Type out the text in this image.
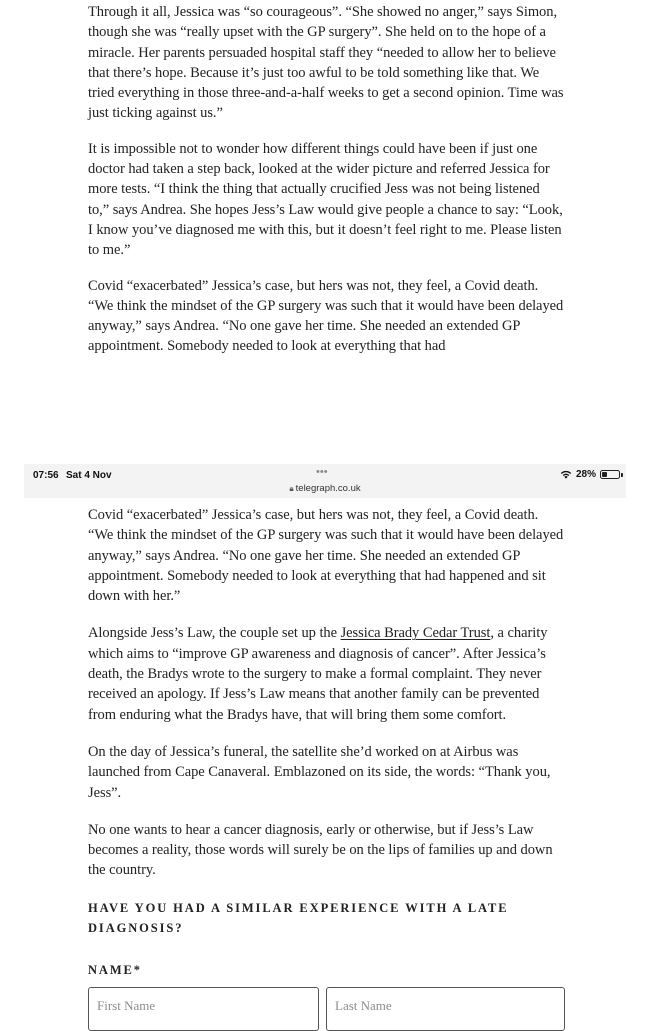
Through it all, Jessica was “so courageous”. “She showed no anger,” says Simon, though she was “really upset with the GP surgery”. She held on to the hope of a miracle. Her parents persuaded hospital staff they “needed to allow her to believe that there’s hope. Because it’s just too awful to be told something like that. We tried everything in those three-and-a-half weeks to get a second opinion. Time was just ticking against us.”

It is impossible not to wonder how different things could have been if just one doctor had taken a step back, looked at the wider picture and referred Jessica for more tests. “I think the thing that actually crucified Jess was not being listened to,” says Andrea. She hopes Jess’s Law would give people a chance to say: “Look, I know you’ve diagnosed me with this, but it doesn’t feel right to me. Please listen to me.”

Covid “exacerbated” Jessica’s case, but hers was not, they feel, a Covid death. “We think the mindset of the GP surgery was such that it would have been delayed anyway,” says Andrea. “No one gave her time. She needed an extended GP appointment. Somebody needed to look at everything that had

07:56 Sat 4 Nov	•••
🔒︎ telegraph.co.uk
28%

Covid “exacerbated” Jessica’s case, but hers was not, they feel, a Covid death. “We think the mindset of the GP surgery was such that it would have been delayed anyway,” says Andrea. “No one gave her time. She needed an extended GP appointment. Somebody needed to look at everything that had happened and sit down with her.”

Alongside Jess’s Law, the couple set up the Jessica Brady Cedar Trust, a charity which aims to “improve GP awareness and diagnosis of cancer”. After Jessica’s death, the Bradys wrote to the surgery to make a formal complaint. They never received an apology. If Jess’s Law means that another family can be prevented from enduring what the Bradys have, that will bring them some comfort.

On the day of Jessica’s funeral, the satellite she’d worked on at Airbus was launched from Cape Canaveral. Emblazoned on its side, the words: “Thank you, Jess”.

No one wants to hear a cancer diagnosis, early or otherwise, but if Jess’s Law becomes a reality, those words will surely be on the lips of families up and down the country.

HAVE YOU HAD A SIMILAR EXPERIENCE WITH A LATE DIAGNOSIS?
NAME*
First Name
Last Name
